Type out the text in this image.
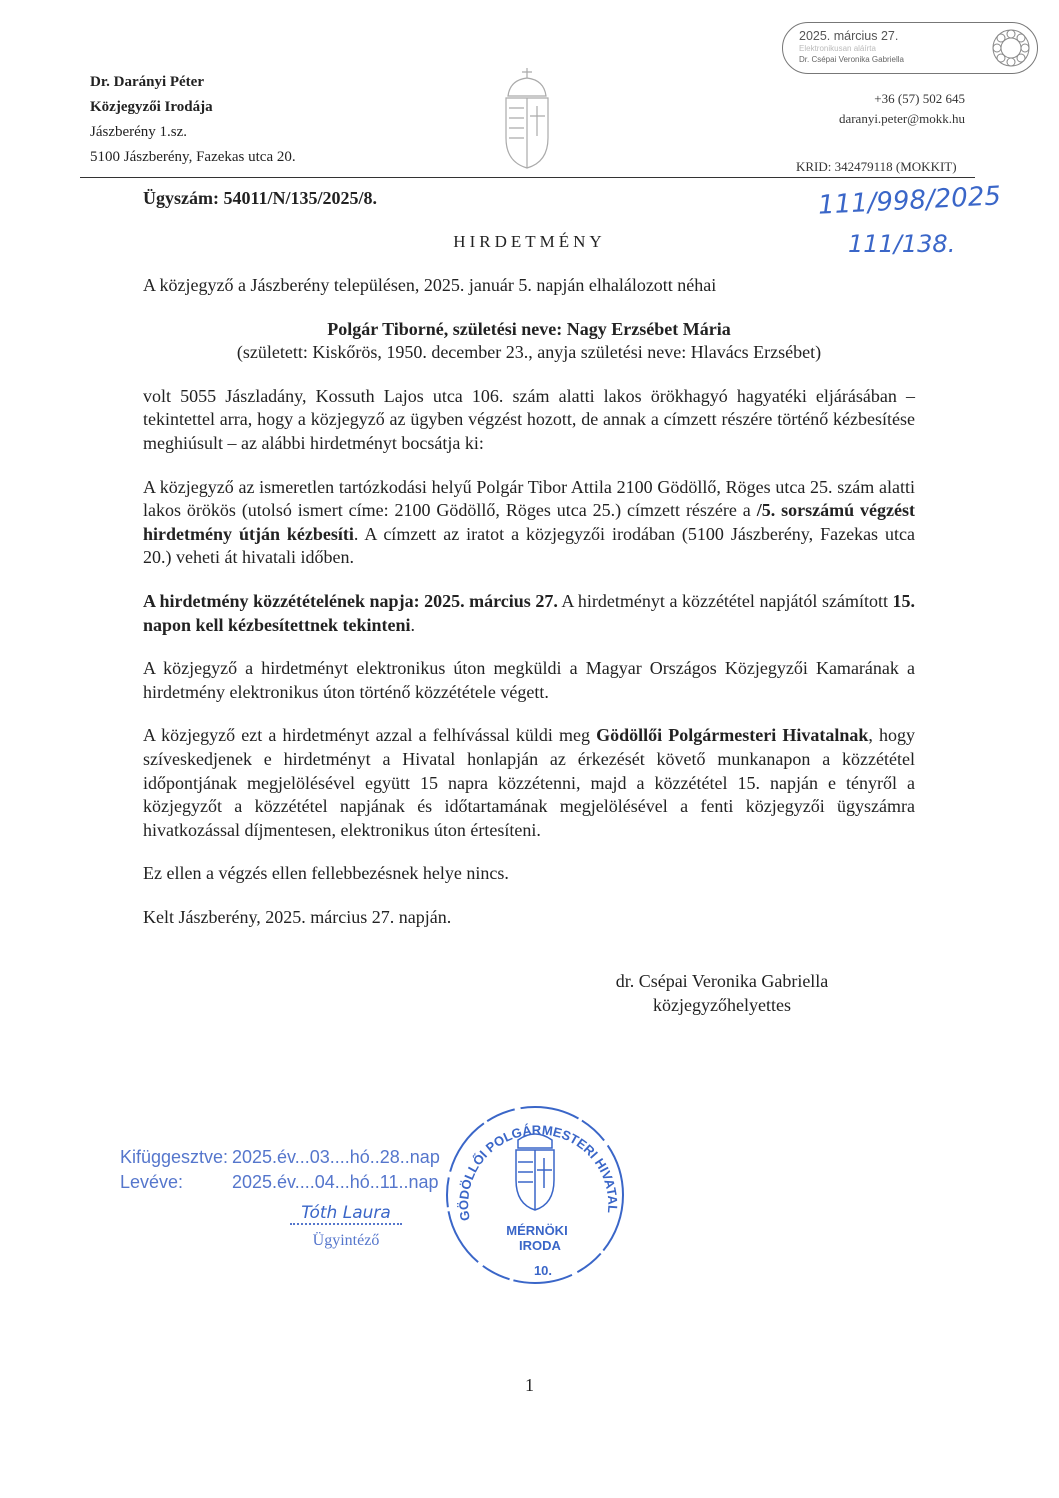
Dr. Darányi Péter
Közjegyzői Irodája
Jászberény 1.sz.
5100 Jászberény, Fazekas utca 20.
2025. március 27.
Elektronikusan aláírta
Dr. Csépai Veronika Gabriella
+36 (57) 502 645
daranyi.peter@mokk.hu
KRID: 342479118 (MOKKIT)
Ügyszám: 54011/N/135/2025/8.	111/998/2025
111/138.
HIRDETMÉNY
A közjegyző a Jászberény településen, 2025. január 5. napján elhalálozott néhai
Polgár Tiborné, születési neve: Nagy Erzsébet Mária
(született: Kiskőrös, 1950. december 23., anyja születési neve: Hlavács Erzsébet)
volt 5055 Jászladány, Kossuth Lajos utca 106. szám alatti lakos örökhagyó hagyatéki eljárásában – tekintettel arra, hogy a közjegyző az ügyben végzést hozott, de annak a címzett részére történő kézbesítése meghiúsult – az alábbi hirdetményt bocsátja ki:
A közjegyző az ismeretlen tartózkodási helyű Polgár Tibor Attila 2100 Gödöllő, Röges utca 25. szám alatti lakos örökös (utolsó ismert címe: 2100 Gödöllő, Röges utca 25.) címzett részére a /5. sorszámú végzést hirdetmény útján kézbesíti. A címzett az iratot a közjegyzői irodában (5100 Jászberény, Fazekas utca 20.) veheti át hivatali időben.
A hirdetmény közzétételének napja: 2025. március 27. A hirdetményt a közzététel napjától számított 15. napon kell kézbesítettnek tekinteni.
A közjegyző a hirdetményt elektronikus úton megküldi a Magyar Országos Közjegyzői Kamarának a hirdetmény elektronikus úton történő közzététele végett.
A közjegyző ezt a hirdetményt azzal a felhívással küldi meg Gödöllői Polgármesteri Hivatalnak, hogy szíveskedjenek e hirdetményt a Hivatal honlapján az érkezését követő munkanapon a közzététel időpontjának megjelölésével együtt 15 napra közzétenni, majd a közzététel 15. napján e tényről a közjegyzőt a közzététel napjának és időtartamának megjelölésével a fenti közjegyzői ügyszámra hivatkozással díjmentesen, elektronikus úton értesíteni.
Ez ellen a végzés ellen fellebbezésnek helye nincs.
Kelt Jászberény, 2025. március 27. napján.
dr. Csépai Veronika Gabriella
közjegyzőhelyettes
Kifüggesztve: 2025.év...03....hó..28..nap
Levéve:	2025.év....04...hó..11..nap
Tóth Laura
Ügyintéző
GÖDÖLLŐI POLGÁRMESTERI HIVATAL
MÉRNÖKI
IRODA
10.
1
